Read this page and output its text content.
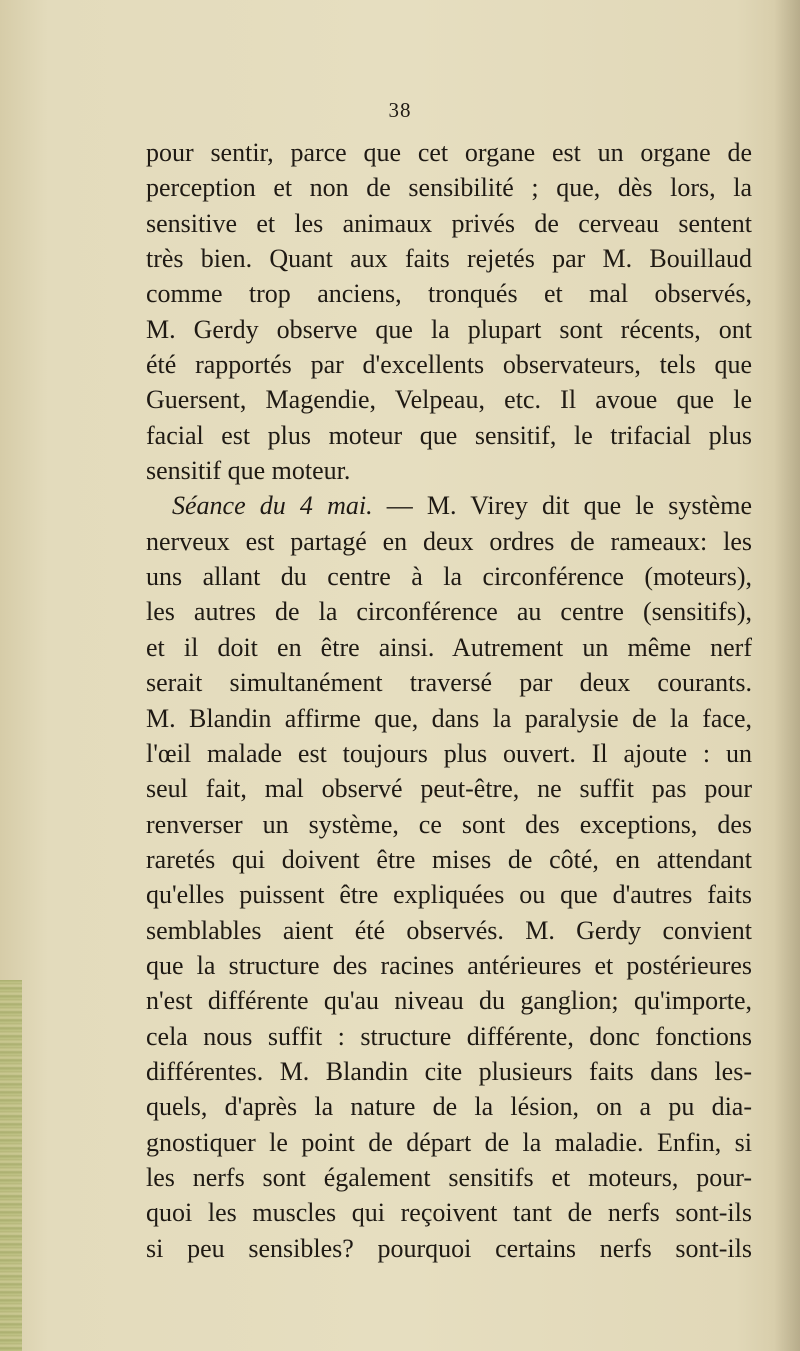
38
pour sentir, parce que cet organe est un organe de
perception et non de sensibilité ; que, dès lors, la
sensitive et les animaux privés de cerveau sentent
très bien. Quant aux faits rejetés par M. Bouillaud
comme trop anciens, tronqués et mal observés,
M. Gerdy observe que la plupart sont récents, ont
été rapportés par d'excellents observateurs, tels que
Guersent, Magendie, Velpeau, etc. Il avoue que le
facial est plus moteur que sensitif, le trifacial plus
sensitif que moteur.
Séance du 4 mai. — M. Virey dit que le système
nerveux est partagé en deux ordres de rameaux: les
uns allant du centre à la circonférence (moteurs),
les autres de la circonférence au centre (sensitifs),
et il doit en être ainsi. Autrement un même nerf
serait simultanément traversé par deux courants.
M. Blandin affirme que, dans la paralysie de la face,
l'œil malade est toujours plus ouvert. Il ajoute : un
seul fait, mal observé peut-être, ne suffit pas pour
renverser un système, ce sont des exceptions, des
raretés qui doivent être mises de côté, en attendant
qu'elles puissent être expliquées ou que d'autres faits
semblables aient été observés. M. Gerdy convient
que la structure des racines antérieures et postérieures
n'est différente qu'au niveau du ganglion; qu'importe,
cela nous suffit : structure différente, donc fonctions
différentes. M. Blandin cite plusieurs faits dans les-
quels, d'après la nature de la lésion, on a pu dia-
gnostiquer le point de départ de la maladie. Enfin, si
les nerfs sont également sensitifs et moteurs, pour-
quoi les muscles qui reçoivent tant de nerfs sont-ils
si peu sensibles? pourquoi certains nerfs sont-ils
